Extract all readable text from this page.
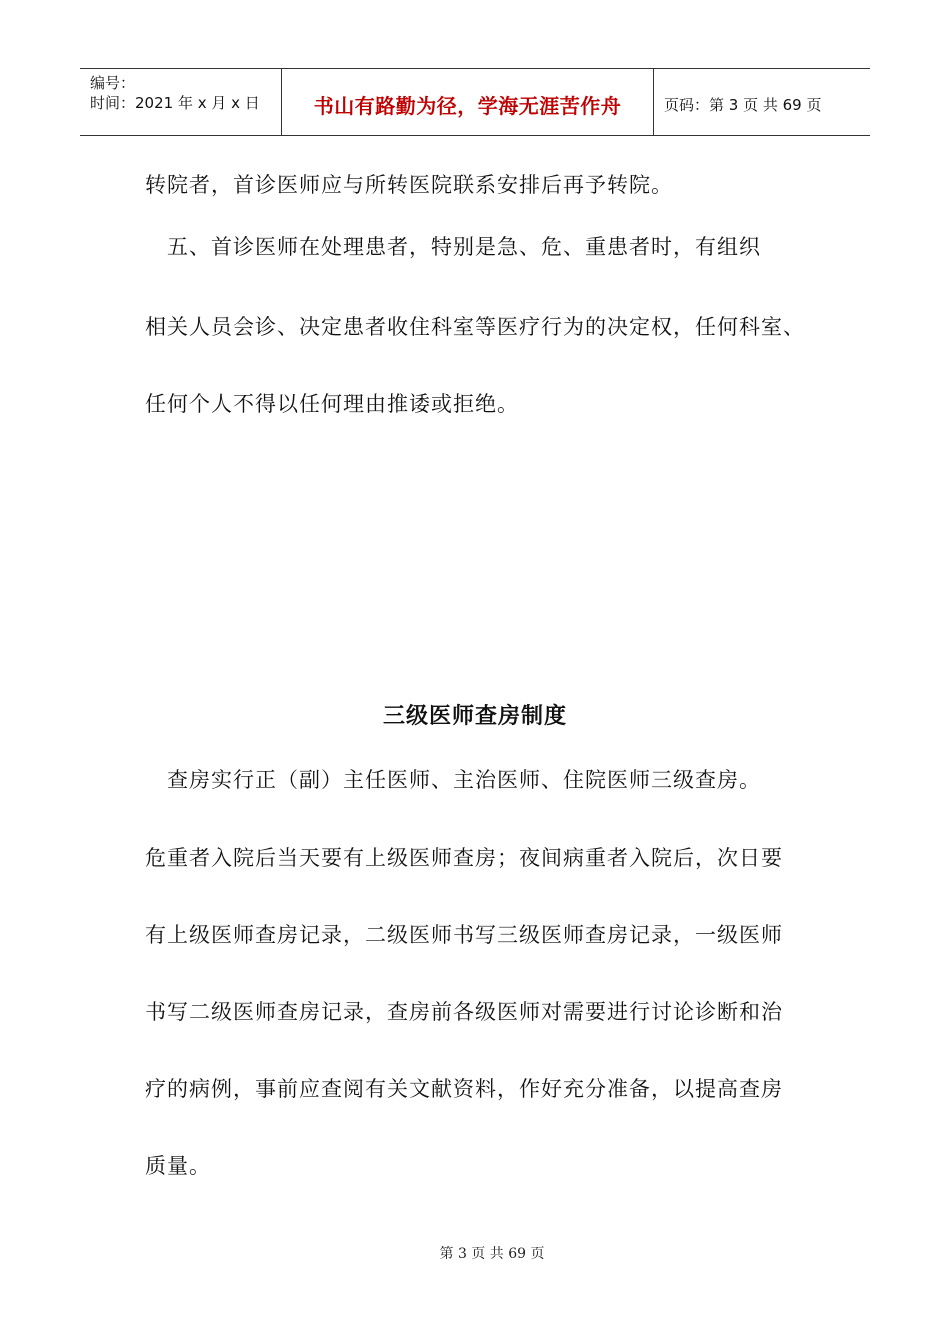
编号：
时间：2021 年 x 月 x 日	书山有路勤为径，学海无涯苦作舟	页码：第 3 页 共 69 页
转院者，首诊医师应与所转医院联系安排后再予转院。
　五、首诊医师在处理患者，特别是急、危、重患者时，有组织
相关人员会诊、决定患者收住科室等医疗行为的决定权，任何科室、
任何个人不得以任何理由推诿或拒绝。
三级医师查房制度
　查房实行正（副）主任医师、主治医师、住院医师三级查房。
危重者入院后当天要有上级医师查房；夜间病重者入院后，次日要
有上级医师查房记录，二级医师书写三级医师查房记录，一级医师
书写二级医师查房记录，查房前各级医师对需要进行讨论诊断和治
疗的病例，事前应查阅有关文献资料，作好充分准备，以提高查房
质量。
第 3 页 共 69 页
